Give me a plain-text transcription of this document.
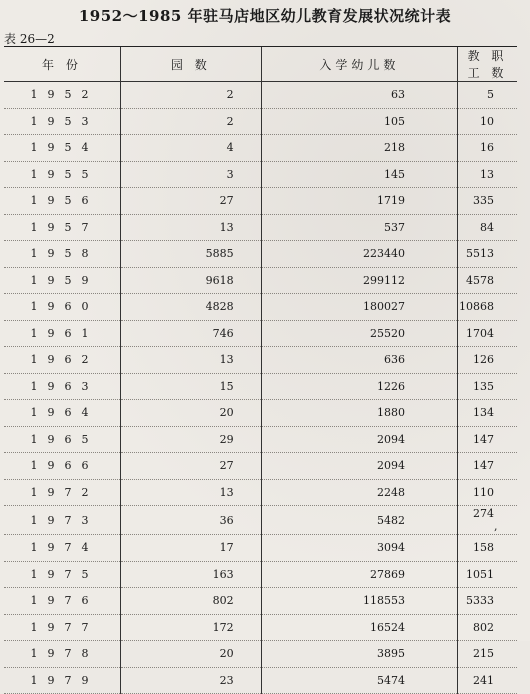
1952～1985 年驻马店地区幼儿教育发展状况统计表
表 26—2
年 份	园 数	入学幼儿数	教 职 工 数
1952	2	63	5
1953	2	105	10
1954	4	218	16
1955	3	145	13
1956	27	1719	335
1957	13	537	84
1958	5885	223440	5513
1959	9618	299112	4578
1960	4828	180027	10868
1961	746	25520	1704
1962	13	636	126
1963	15	1226	135
1964	20	1880	134
1965	29	2094	147
1966	27	2094	147
1972	13	2248	110
1973	36	5482	274,
1974	17	3094	158
1975	163	27869	1051
1976	802	118553	5333
1977	172	16524	802
1978	20	3895	215
1979	23	5474	241
